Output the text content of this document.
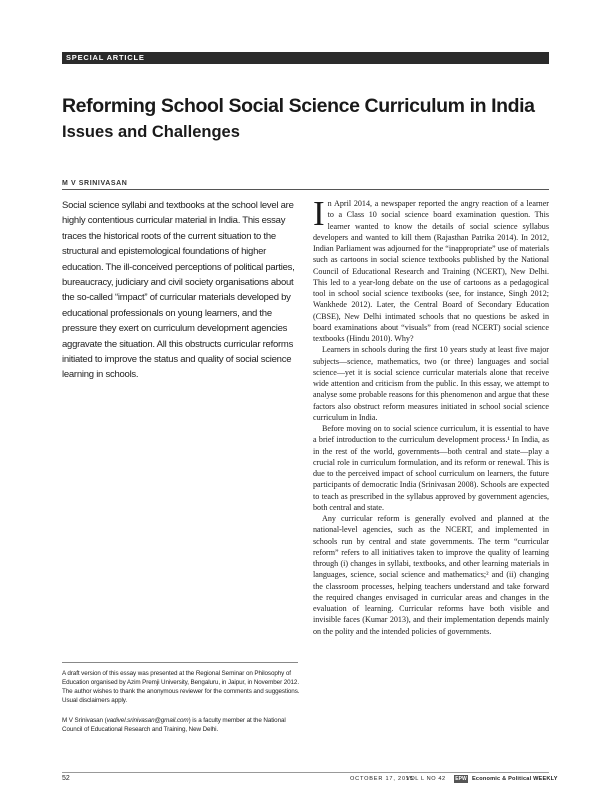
SPECIAL ARTICLE
Reforming School Social Science Curriculum in India
Issues and Challenges
M V SRINIVASAN

Social science syllabi and textbooks at the school level are highly contentious curricular material in India. This essay traces the historical roots of the current situation to the structural and epistemological foundations of higher education. The ill-conceived perceptions of political parties, bureaucracy, judiciary and civil society organisations about the so-called “impact” of curricular materials developed by educational professionals on young learners, and the pressure they exert on curriculum development agencies aggravate the situation. All this obstructs curricular reforms initiated to improve the status and quality of social science learning in schools.

A draft version of this essay was presented at the Regional Seminar on Philosophy of Education organised by Azim Premji University, Bengaluru, in Jaipur, in November 2012. The author wishes to thank the anonymous reviewer for the comments and suggestions. Usual disclaimers apply.

M V Srinivasan (vadivel.srinivasan@gmail.com) is a faculty member at the National Council of Educational Research and Training, New Delhi.

In April 2014, a newspaper reported the angry reaction of a learner to a Class 10 social science board examination question. This learner wanted to know the details of social science syllabus developers and wanted to kill them (Rajasthan Patrika 2014). In 2012, Indian Parliament was adjourned for the “inappropriate” use of materials such as cartoons in social science textbooks published by the National Council of Educational Research and Training (NCERT), New Delhi. This led to a year-long debate on the use of cartoons as a pedagogical tool in school social science textbooks (see, for instance, Singh 2012; Wankhede 2012). Later, the Central Board of Secondary Education (CBSE), New Delhi intimated schools that no questions be asked in board examinations about “visuals” from (read NCERT) social science textbooks (Hindu 2010). Why?

Learners in schools during the first 10 years study at least five major subjects—science, mathematics, two (or three) languages and social science—yet it is social science curricular materials alone that receive wide attention and criticism from the public. In this essay, we attempt to analyse some probable reasons for this phenomenon and argue that these factors also obstruct reform measures initiated in school social science curriculum in India.

Before moving on to social science curriculum, it is essential to have a brief introduction to the curriculum development process.¹ In India, as in the rest of the world, governments—both central and state—play a crucial role in curriculum formulation, and its reform or renewal. This is due to the perceived impact of school curriculum on learners, the future participants of democratic India (Srinivasan 2008). Schools are expected to teach as prescribed in the syllabus approved by government agencies, both central and state.

Any curricular reform is generally evolved and planned at the national-level agencies, such as the NCERT, and implemented in schools run by central and state governments. The term “curricular reform” refers to all initiatives taken to improve the quality of learning through (i) changes in syllabi, textbooks, and other learning materials in languages, science, social science and mathematics;² and (ii) changing the classroom processes, helping teachers understand and take forward the required changes envisaged in curricular areas and changes in the evaluation of learning. Curricular reforms have both visible and invisible faces (Kumar 2013), and their implementation depends mainly on the polity and the intended policies of governments.

52	OCTOBER 17, 2015
VOL L NO 42 EPW Economic & Political WEEKLY
